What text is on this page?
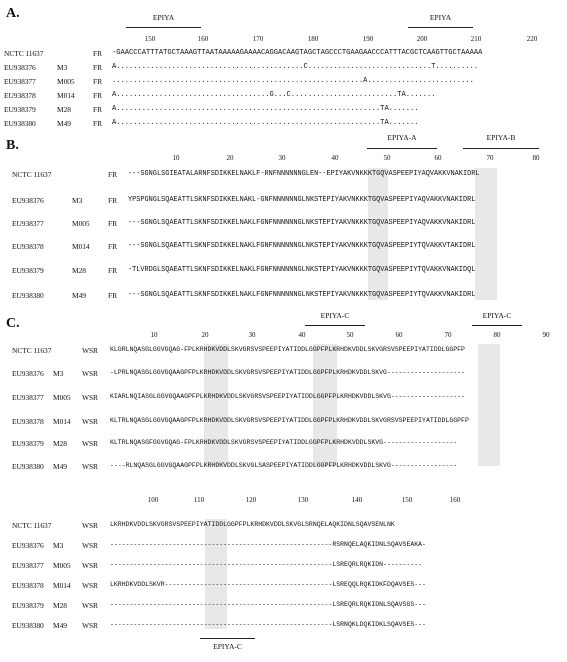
A.	EPIYA	EPIYA
150	160	170	180	190	200	210	220
NCTC 11637	FR -GAACCCATTTATGCTAAAGTTAATAAAAAGAAAACAGGACAAGTAGCTAGCCCTGAAGAACCCATTTACGCTCAAGTTGCTAAAAA
EU938376	M3	FR A............................................C.............................T..........
EU938377	M005 FR ...........................................................A.........................
EU938378	M014 FR A....................................G...C.........................TA.......
EU938379	M28	FR A..............................................................TA.......
EU938380	M49	FR A..............................................................TA.......
B.
EPIYA-A	EPIYA-B
10	20	30	40	50	60	70	80
NCTC 11637	FR ---SGNGLSGIEATALARNFSDIKKELNAKLF-RNFNNNNNNGLEN--EPIYAKVNKKKTGQVASPEEPIYAQVAKKVNAKIDRL
EU938376	M3	FR YPSPGNGLSQAEATTLSKNFSDIKKELNAKL-GNFNNNNNNGLNKSTEPIYAKVNKKKTGQVASPEEPIYAQVAKKVNAKIDRL
EU938377	M005 FR ---SGNGLSQAEATTLSKNFSDIKKELNAKLFGNFNNNNNNGLNKSTEPIYAKVNKKKTGQVASPEEPIYAQVAKKVNAKIDRL
EU938378	M014 FR ---SGNGLSQAEATTLSKNFSDIKKELNAKLFGNFNNNNNNGLNKSTEPIYAKVNKKKTGQVASPEEPIYTQVAKKVTAKIDRL
EU938379	M28	FR -TLVRDGLSQAEATTLSKNFSDIKKELNAKLFGNFNNNNNNGLNKSTEPIYAKVNKKKTGQVASPEEPIYTQVAKKVNAKIDQL
EU938380	M49	FR ---SGNGLSQAEATTLSKNFSDIKKELNAKLFGNFNNNNNNGLNKSTEPIYAKVNKKKTGQVASPEEPIYTQVAKKVNAKIDRL
C.
EPIYA-C	EPIYA-C
10	20	30	40	50	60	70	80	90
NCTC 11637	WSR KLGRLNQASGLGGVGQAG-FPLKRHDKVDDLSKVGRSVSPEEPIYATIDDLGGPFPLKRHDKVDDLSKVGRSVSPEEPIYATIDDLGGPFP
EU938376 M3	WSR -LPRLNQASGLGGVGQAAGPFPLKRHDKVDDLSKVGRSVSPEEPIYATIDDLGGPFPLKRHDKVDDLSKVG--------------------
EU938377 M005 WSR KIARLNQIASGLGGVGQAAGPFPLKRHDKVDDLSKVGRSVSPEEPIYATIDDLGGPFPLKRHDKVDDLSKVG-------------------
EU938378 M014 WSR KLTRLNQASGLGGVGQAAGPFPLKRHDKVDDLSKVGRSVSPEEPIYATIDDLGGPFPLKRHDKVDDLSKVGRSVSPEEPIYATIDDLGGPFP
EU938379 M28 WSR KLTRLNQASGFGGVGQAG-FPLKRHDKVDDLSKVGRSVSPEEPIYATIDDLGGPFPLKRHDKVDDLSKVG-------------------
EU938380 M49 WSR ----RLNQASGLGGVGQAAGPFPLKRHDKVDDLSKVGLSASPEEPIYATIDDLGGPFPLKRHDKVDDLSKVG-----------------
EPIYA-C
100	110	120	130	140	150	160
NCTC 11637	WSR LKRHDKVDDLSKVGRSVSPEEPIYATIDDLGGPFPLKRHDKVDDLSKVGLSRNQELAQKIDNLSQAVSENLNK
EU938376 M3	WSR ---------------------------------------------------------RSRNQELAQKIDNLSQAVSEAKA-
EU938377 M005 WSR ---------------------------------------------------------LSREQRLRQKIDN----------
EU938378 M014 WSR LKRHDKVDDLSKVR-------------------------------------------LSREQQLRQKIDKFDQAVSES---
EU938379 M28 WSR ---------------------------------------------------------LSREQRLRQKIDNLSQAVSGS---
EU938380 M49 WSR ---------------------------------------------------------LSRNQKLDQKIDKLSQAVSES---
